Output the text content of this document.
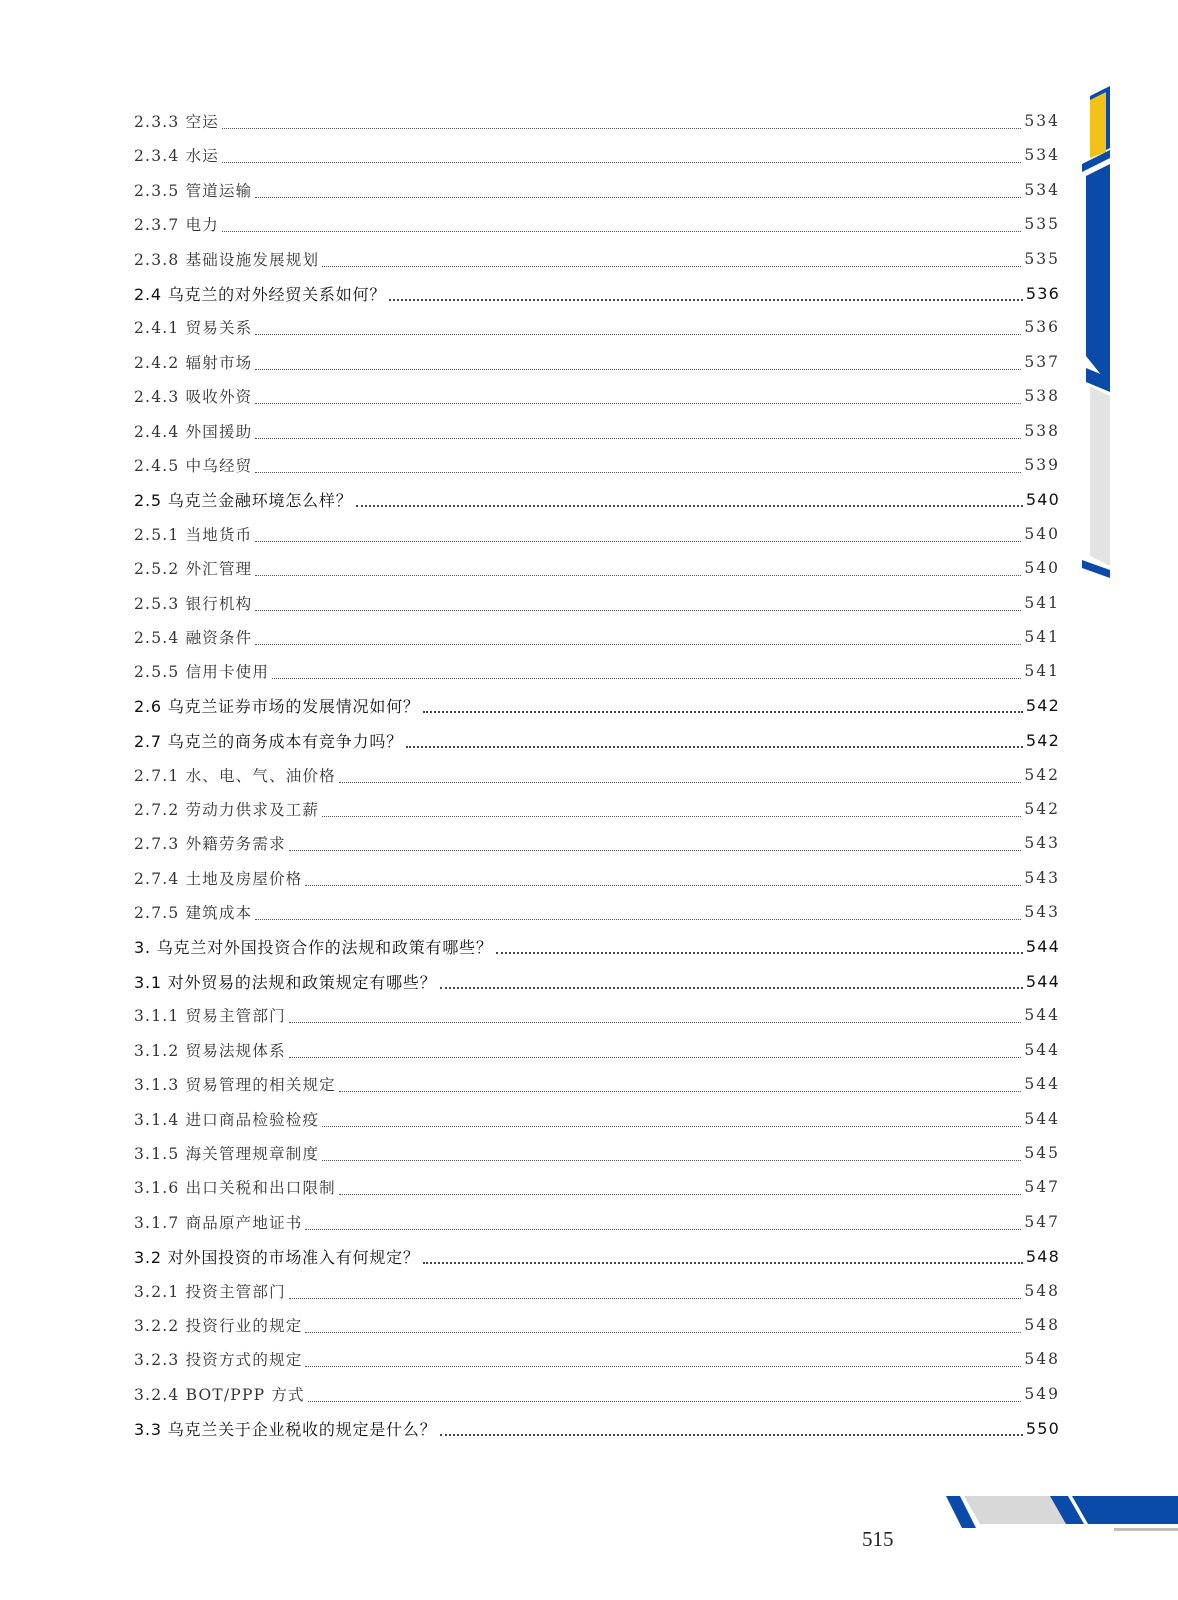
2.3.3 空运	534
2.3.4 水运	534
2.3.5 管道运输	534
2.3.7 电力	535
2.3.8 基础设施发展规划	535
2.4 乌克兰的对外经贸关系如何？	536
2.4.1 贸易关系	536
2.4.2 辐射市场	537
2.4.3 吸收外资	538
2.4.4 外国援助	538
2.4.5 中乌经贸	539
2.5 乌克兰金融环境怎么样？	540
2.5.1 当地货币	540
2.5.2 外汇管理	540
2.5.3 银行机构	541
2.5.4 融资条件	541
2.5.5 信用卡使用	541
2.6 乌克兰证券市场的发展情况如何？	542
2.7 乌克兰的商务成本有竞争力吗？	542
2.7.1 水、电、气、油价格	542
2.7.2 劳动力供求及工薪	542
2.7.3 外籍劳务需求	543
2.7.4 土地及房屋价格	543
2.7.5 建筑成本	543
3. 乌克兰对外国投资合作的法规和政策有哪些？	544
3.1 对外贸易的法规和政策规定有哪些？	544
3.1.1 贸易主管部门	544
3.1.2 贸易法规体系	544
3.1.3 贸易管理的相关规定	544
3.1.4 进口商品检验检疫	544
3.1.5 海关管理规章制度	545
3.1.6 出口关税和出口限制	547
3.1.7 商品原产地证书	547
3.2 对外国投资的市场准入有何规定？	548
3.2.1 投资主管部门	548
3.2.2 投资行业的规定	548
3.2.3 投资方式的规定	548
3.2.4 BOT/PPP 方式	549
3.3 乌克兰关于企业税收的规定是什么？	550
515
